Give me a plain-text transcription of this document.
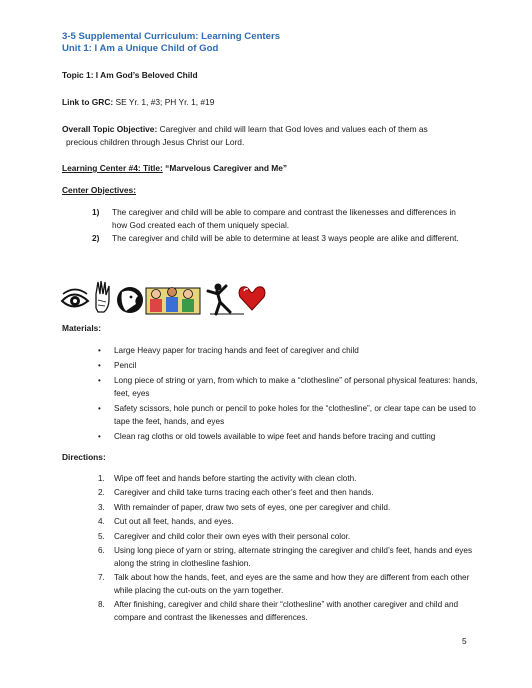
3-5 Supplemental Curriculum: Learning Centers
Unit 1: I Am a Unique Child of God
Topic 1: I Am God’s Beloved Child
Link to GRC: SE Yr. 1, #3; PH Yr. 1, #19
Overall Topic Objective: Caregiver and child will learn that God loves and values each of them as
precious children through Jesus Christ our Lord.
Learning Center #4: Title: “Marvelous Caregiver and Me”
Center Objectives:
1) The caregiver and child will be able to compare and contrast the likenesses and differences in how God created each of them uniquely special.
2) The caregiver and child will be able to determine at least 3 ways people are alike and different.
Materials:
• Large Heavy paper for tracing hands and feet of caregiver and child
• Pencil
• Long piece of string or yarn, from which to make a “clothesline” of personal physical features: hands, feet, eyes
• Safety scissors, hole punch or pencil to poke holes for the “clothesline”, or clear tape can be used to tape the feet, hands, and eyes
• Clean rag cloths or old towels available to wipe feet and hands before tracing and cutting
Directions:
1. Wipe off feet and hands before starting the activity with clean cloth.
2. Caregiver and child take turns tracing each other’s feet and then hands.
3. With remainder of paper, draw two sets of eyes, one per caregiver and child.
4. Cut out all feet, hands, and eyes.
5. Caregiver and child color their own eyes with their personal color.
6. Using long piece of yarn or string, alternate stringing the caregiver and child’s feet, hands and eyes along the string in clothesline fashion.
7. Talk about how the hands, feet, and eyes are the same and how they are different from each other while placing the cut-outs on the yarn together.
8. After finishing, caregiver and child share their “clothesline” with another caregiver and child and compare and contrast the likenesses and differences.
5
